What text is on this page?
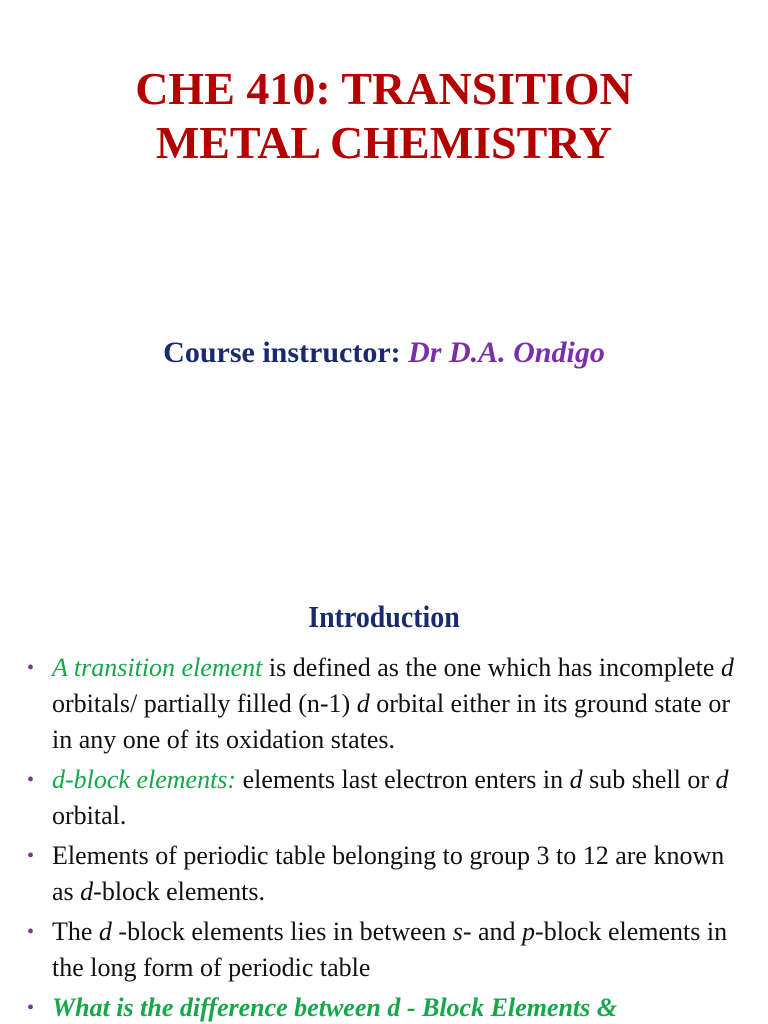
CHE 410: TRANSITION
METAL CHEMISTRY
Course instructor: Dr D.A. Ondigo
Introduction
• A transition element is defined as the one which has incomplete d orbitals/ partially filled (n-1) d orbital either in its ground state or in any one of its oxidation states.
• d-block elements: elements last electron enters in d sub shell or d orbital.
• Elements of periodic table belonging to group 3 to 12 are known as d-block elements.
• The d -block elements lies in between s- and p-block elements in the long form of periodic table
• What is the difference between d - Block Elements &
